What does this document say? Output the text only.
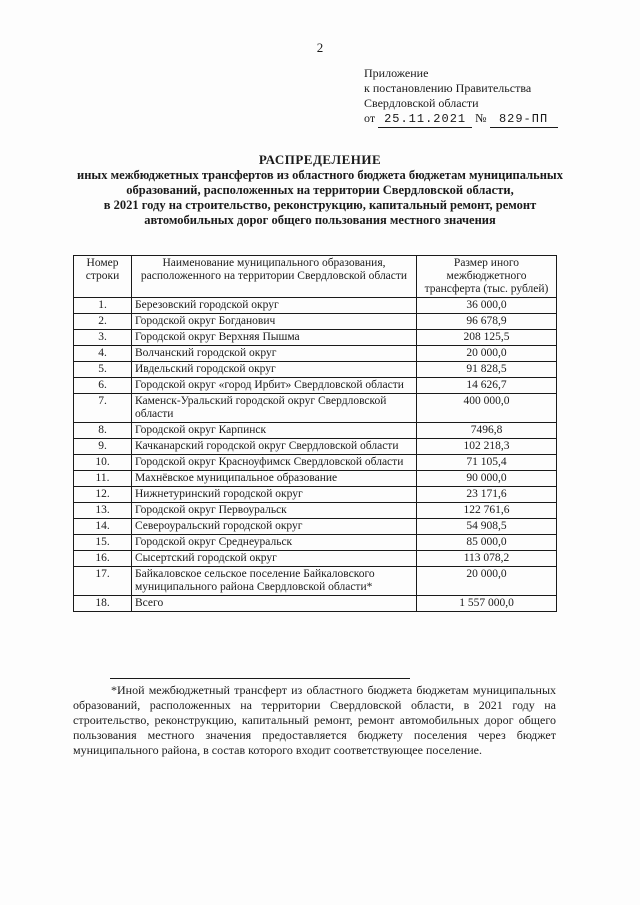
2
Приложение
к постановлению Правительства
Свердловской области
от 25.11.2021 № 829-ПП
РАСПРЕДЕЛЕНИЕ
иных межбюджетных трансфертов из областного бюджета бюджетам муниципальных
образований, расположенных на территории Свердловской области,
в 2021 году на строительство, реконструкцию, капитальный ремонт, ремонт
автомобильных дорог общего пользования местного значения
Номер строки	Наименование муниципального образования, расположенного на территории Свердловской области	Размер иного межбюджетного трансферта (тыс. рублей)
1.	Березовский городской округ	36 000,0
2.	Городской округ Богданович	96 678,9
3.	Городской округ Верхняя Пышма	208 125,5
4.	Волчанский городской округ	20 000,0
5.	Ивдельский городской округ	91 828,5
6.	Городской округ «город Ирбит» Свердловской области	14 626,7
7.	Каменск-Уральский городской округ Свердловской области	400 000,0
8.	Городской округ Карпинск	7496,8
9.	Качканарский городской округ Свердловской области	102 218,3
10.	Городской округ Красноуфимск Свердловской области	71 105,4
11.	Махнёвское муниципальное образование	90 000,0
12.	Нижнетуринский городской округ	23 171,6
13.	Городской округ Первоуральск	122 761,6
14.	Североуральский городской округ	54 908,5
15.	Городской округ Среднеуральск	85 000,0
16.	Сысертский городской округ	113 078,2
17.	Байкаловское сельское поселение Байкаловского муниципального района Свердловской области*	20 000,0
18.	Всего	1 557 000,0
*Иной межбюджетный трансферт из областного бюджета бюджетам муниципальных образований, расположенных на территории Свердловской области, в 2021 году на строительство, реконструкцию, капитальный ремонт, ремонт автомобильных дорог общего пользования местного значения предоставляется бюджету поселения через бюджет муниципального района, в состав которого входит соответствующее поселение.
